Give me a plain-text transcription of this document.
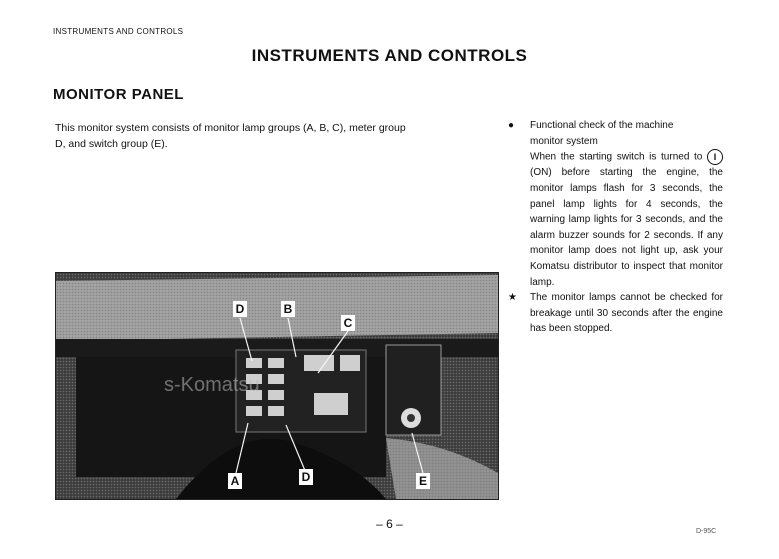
INSTRUMENTS AND CONTROLS
INSTRUMENTS AND CONTROLS
MONITOR PANEL
This monitor system consists of monitor lamp groups (A, B, C), meter group
D, and switch group (E).
●	Functional check of the machine
monitor system
When the starting switch is turned to I (ON) before starting the engine, the monitor lamps flash for 3 seconds, the panel lamp lights for 4 seconds, the warning lamp lights for 3 seconds, and the alarm buzzer sounds for 2 seconds. If any monitor lamp does not light up, ask your Komatsu distributor to inspect that monitor lamp.
★	The monitor lamps cannot be checked for breakage until 30 seconds after the engine has been stopped.
D	B
C
A	D	E
s-Komatsu
– 6 –
D-95C
